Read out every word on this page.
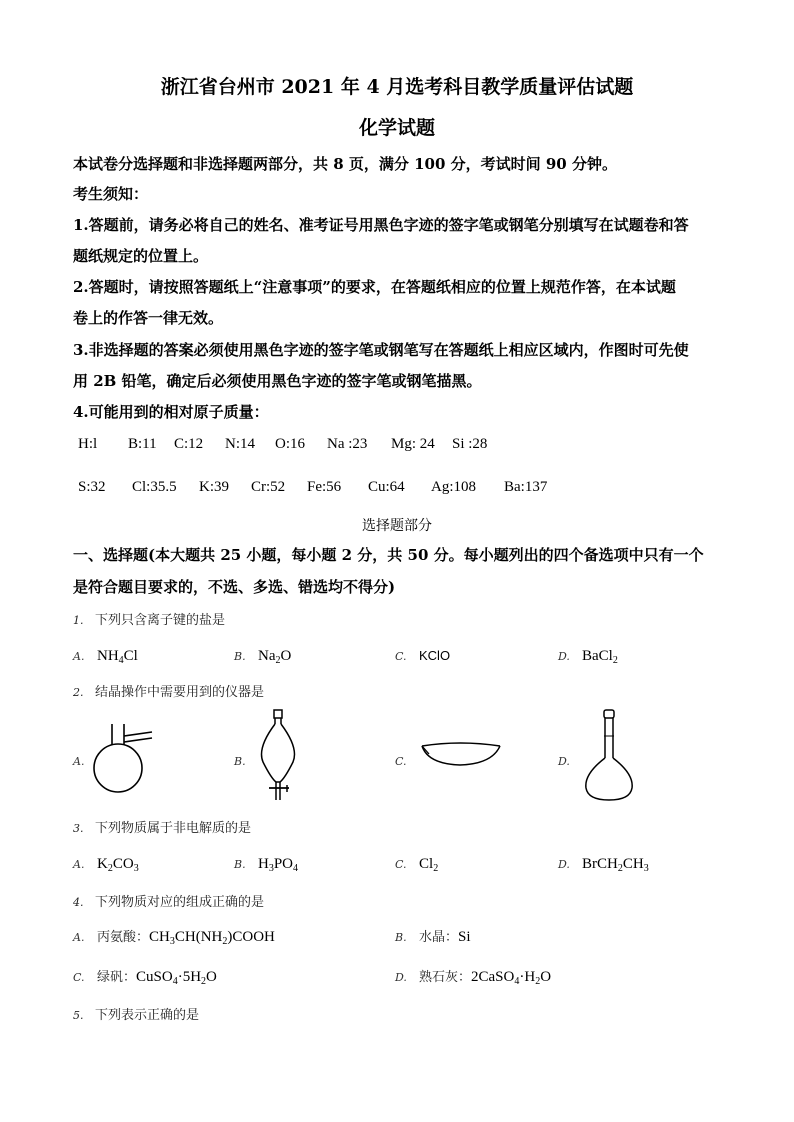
浙江省台州市 2021 年 4 月选考科目教学质量评估试题
化学试题
本试卷分选择题和非选择题两部分，共 8 页，满分 100 分，考试时间 90 分钟。
考生须知：
1.答题前，请务必将自己的姓名、准考证号用黑色字迹的签字笔或钢笔分别填写在试题卷和答
题纸规定的位置上。
2.答题时，请按照答题纸上“注意事项”的要求，在答题纸相应的位置上规范作答，在本试题
卷上的作答一律无效。
3.非选择题的答案必须使用黑色字迹的签字笔或钢笔写在答题纸上相应区域内，作图时可先使
用 2B 铅笔，确定后必须使用黑色字迹的签字笔或钢笔描黑。
4.可能用到的相对原子质量：
H:l B:11 C:12 N:14 O:16 Na :23 Mg: 24 Si :28
S:32 Cl:35.5 K:39 Cr:52 Fe:56 Cu:64 Ag:108 Ba:137
选择题部分
一、选择题(本大题共 25 小题，每小题 2 分，共 50 分。每小题列出的四个备选项中只有一个
是符合题目要求的，不选、多选、错选均不得分)
1. 下列只含离子键的盐是
A. $NH_4Cl$	B. $Na_2O$	C. KClO	D. BaCl$_2$
2. 结晶操作中需要用到的仪器是
A.	B.	C.	D.
3. 下列物质属于非电解质的是
A. $K_2CO_3$	B. $H_3PO_4$	C. $Cl_2$	D. $BrCH_2CH_3$
4. 下列物质对应的组成正确的是
A. 丙氨酸：$CH_3CH(NH_2)COOH$	B. 水晶：Si
C. 绿矾：$CuSO_4\cdot 5H_2O$	D. 熟石灰：$2CaSO_4\cdot H_2O$
5. 下列表示正确的是
